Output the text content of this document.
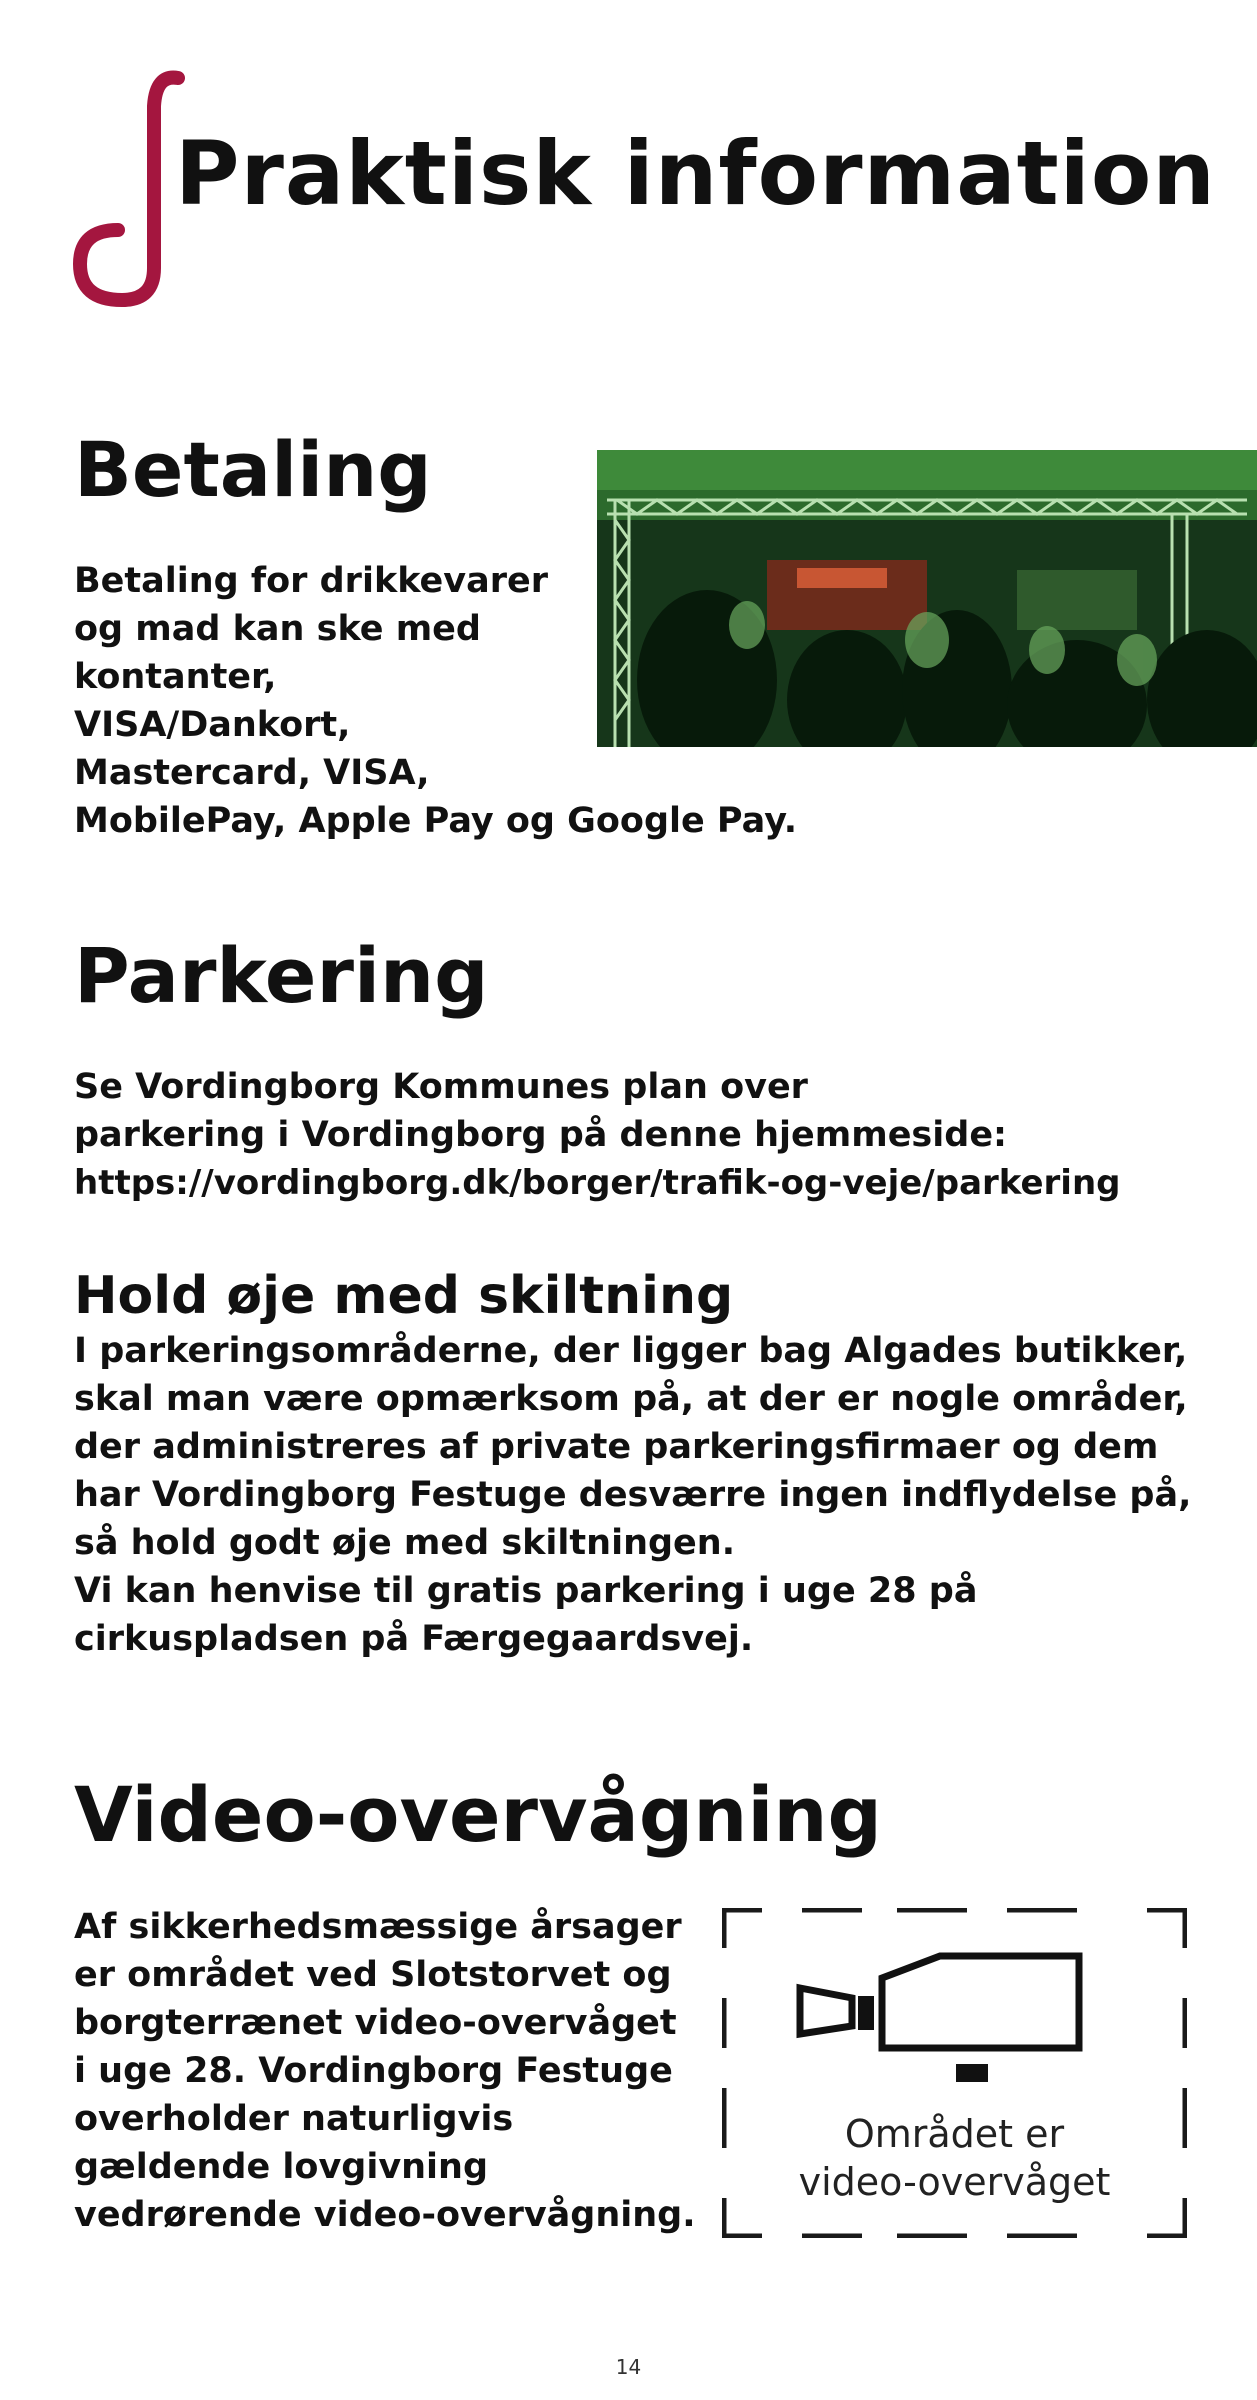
Praktisk information
Betaling
Betaling for drikkevarer
og mad kan ske med
kontanter,
VISA/Dankort,
Mastercard, VISA,
MobilePay, Apple Pay og Google Pay.
Parkering
Se Vordingborg Kommunes plan over
parkering i Vordingborg på denne hjemmeside:
https://vordingborg.dk/borger/trafik-og-veje/parkering
Hold øje med skiltning
I parkeringsområderne, der ligger bag Algades butikker,
skal man være opmærksom på, at der er nogle områder,
der administreres af private parkeringsfirmaer og dem
har Vordingborg Festuge desværre ingen indflydelse på,
så hold godt øje med skiltningen.
Vi kan henvise til gratis parkering i uge 28 på
cirkuspladsen på Færgegaardsvej.
Video-overvågning
Af sikkerhedsmæssige årsager
er området ved Slotstorvet og
borgterrænet video-overvåget
i uge 28. Vordingborg Festuge
overholder naturligvis
gældende lovgivning
vedrørende video-overvågning.
Området er
video-overvåget
14
